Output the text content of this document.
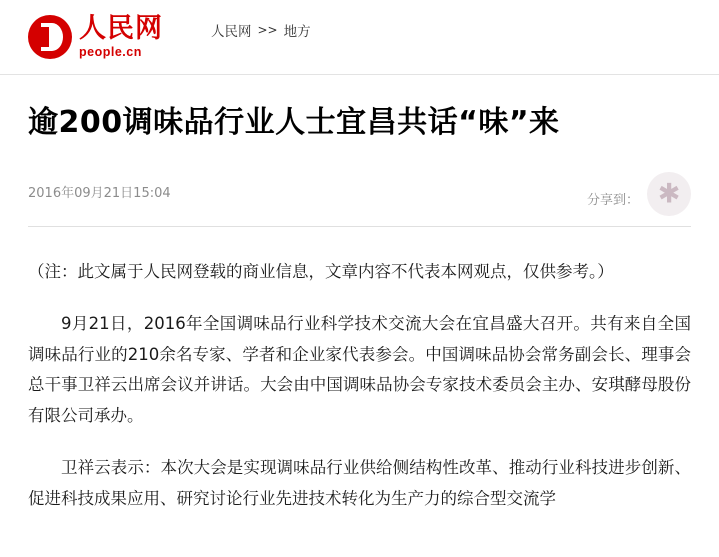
人民网
people.cn
人民网 >> 地方
逾200调味品行业人士宜昌共话“味”来
2016年09月21日15:04	分享到： ✱

（注：此文属于人民网登载的商业信息，文章内容不代表本网观点，仅供参考。）

9月21日，2016年全国调味品行业科学技术交流大会在宜昌盛大召开。共有来自全国调味品行业的210余名专家、学者和企业家代表参会。中国调味品协会常务副会长、理事会总干事卫祥云出席会议并讲话。大会由中国调味品协会专家技术委员会主办、安琪酵母股份有限公司承办。

卫祥云表示：本次大会是实现调味品行业供给侧结构性改革、推动行业科技进步创新、促进科技成果应用、研究讨论行业先进技术转化为生产力的综合型交流学
